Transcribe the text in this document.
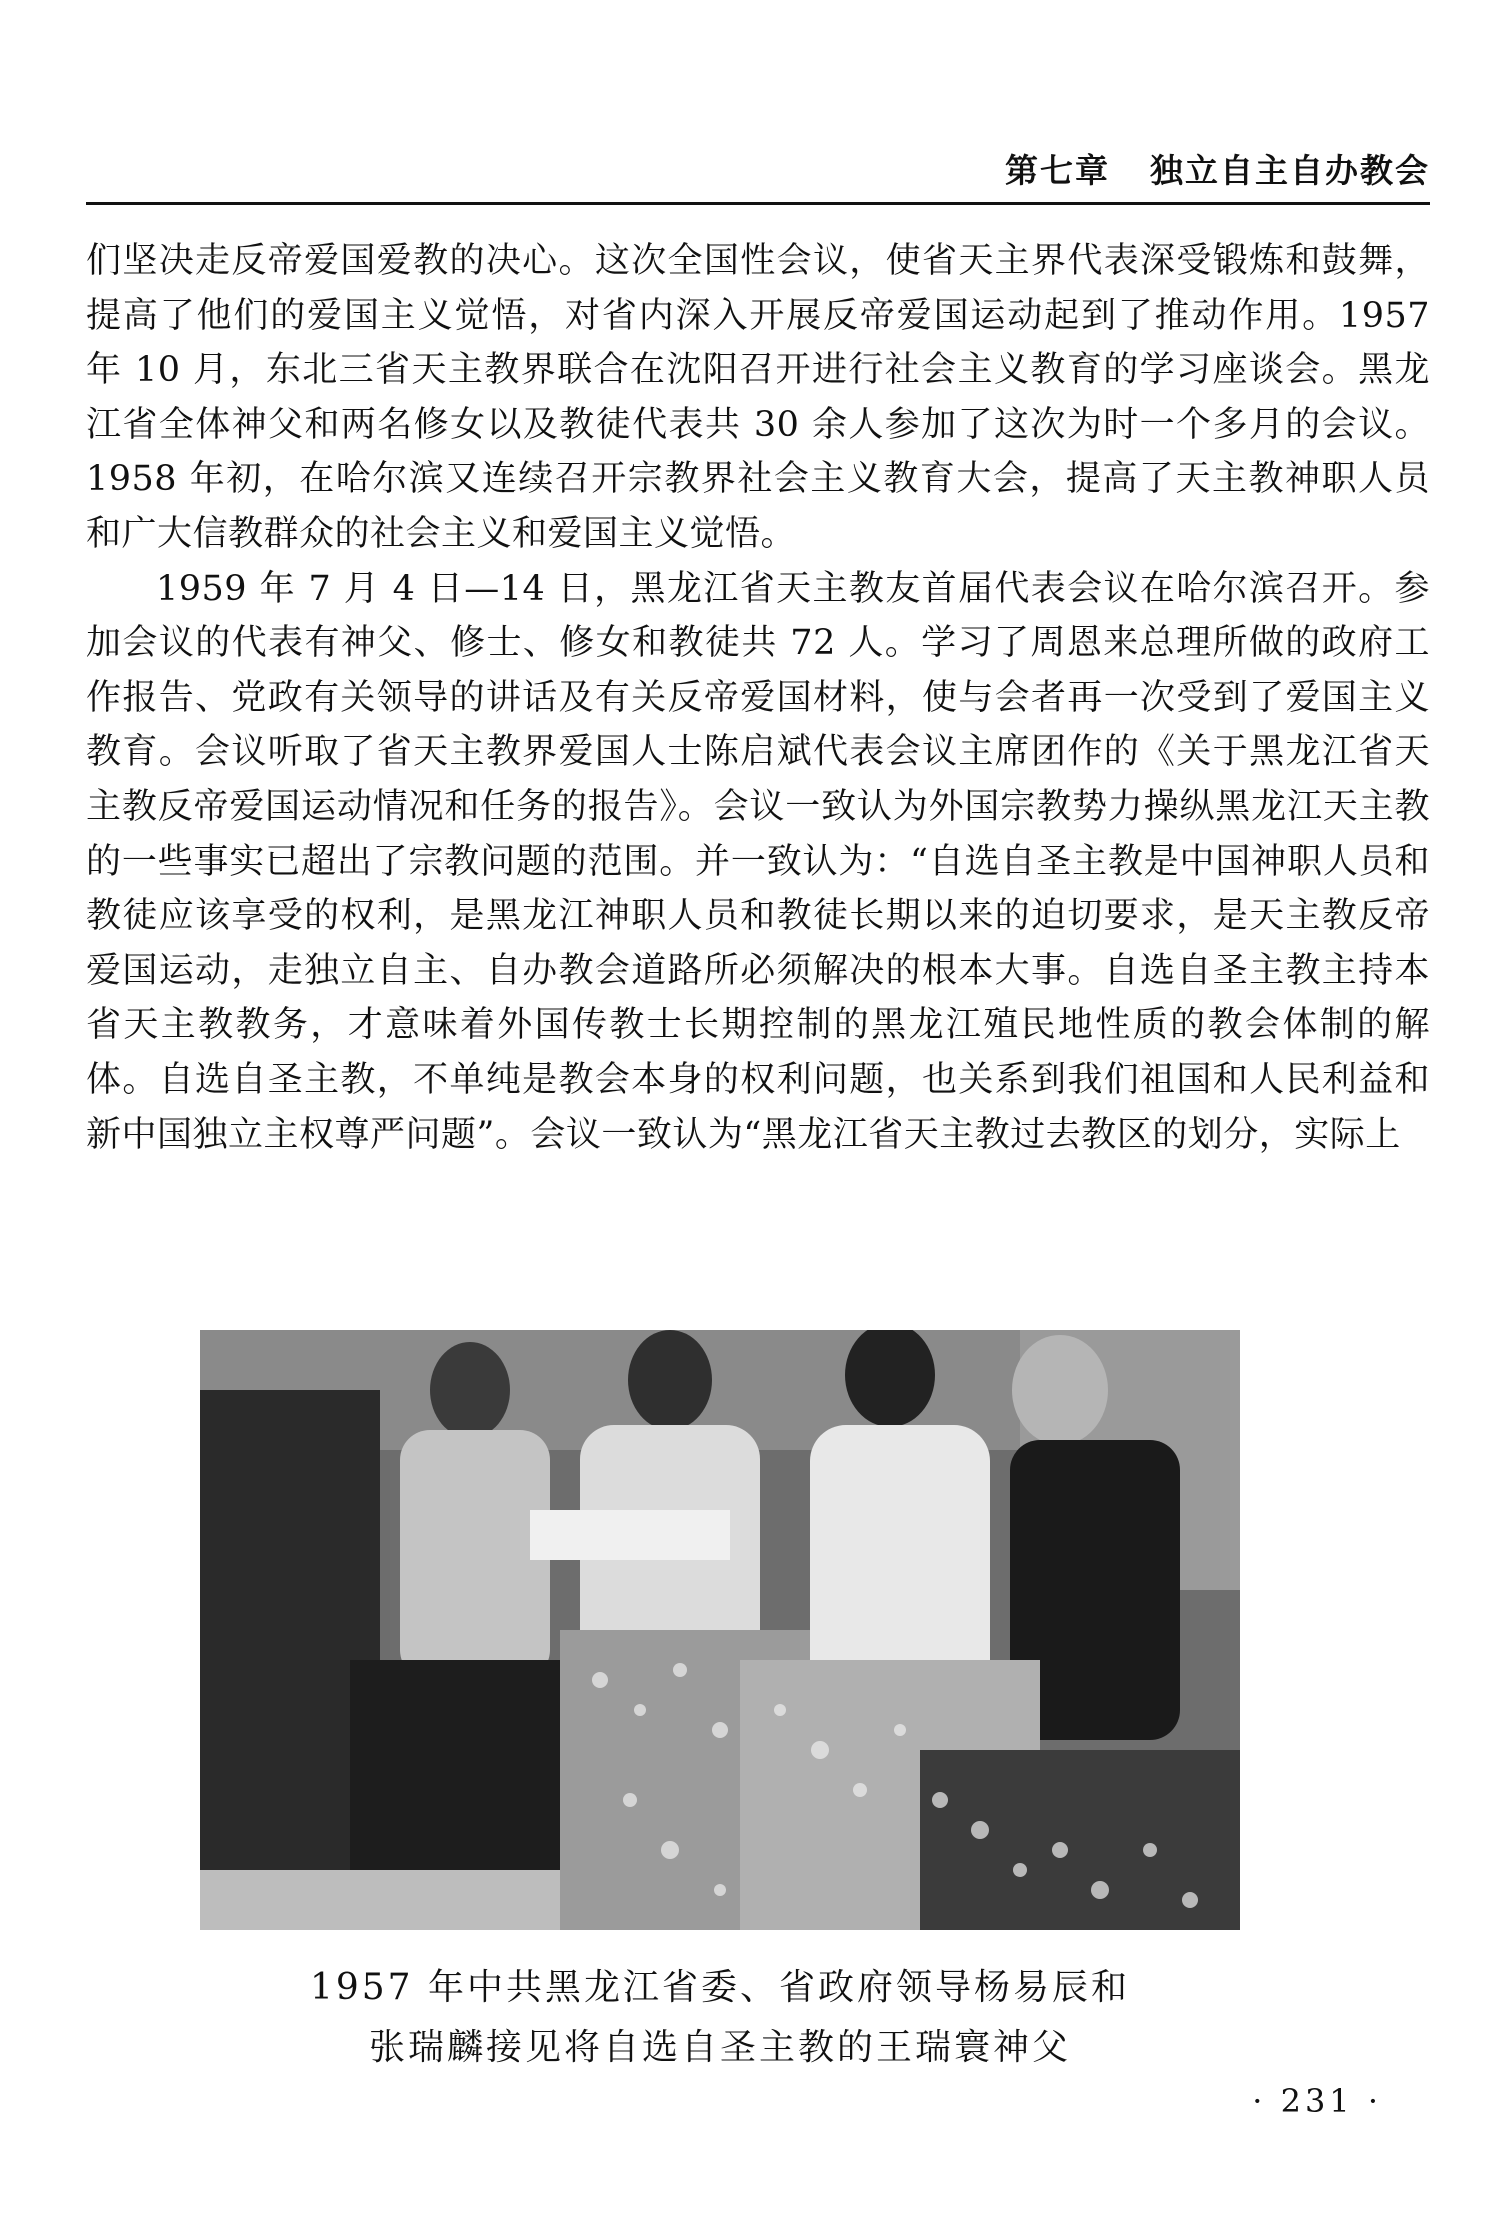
第七章 独立自主自办教会

们坚决走反帝爱国爱教的决心。这次全国性会议，使省天主界代表深受锻炼和鼓舞，提高了他们的爱国主义觉悟，对省内深入开展反帝爱国运动起到了推动作用。1957 年 10 月，东北三省天主教界联合在沈阳召开进行社会主义教育的学习座谈会。黑龙江省全体神父和两名修女以及教徒代表共 30 余人参加了这次为时一个多月的会议。1958 年初，在哈尔滨又连续召开宗教界社会主义教育大会，提高了天主教神职人员和广大信教群众的社会主义和爱国主义觉悟。

1959 年 7 月 4 日—14 日，黑龙江省天主教友首届代表会议在哈尔滨召开。参加会议的代表有神父、修士、修女和教徒共 72 人。学习了周恩来总理所做的政府工作报告、党政有关领导的讲话及有关反帝爱国材料，使与会者再一次受到了爱国主义教育。会议听取了省天主教界爱国人士陈启斌代表会议主席团作的《关于黑龙江省天主教反帝爱国运动情况和任务的报告》。会议一致认为外国宗教势力操纵黑龙江天主教的一些事实已超出了宗教问题的范围。并一致认为：“自选自圣主教是中国神职人员和教徒应该享受的权利，是黑龙江神职人员和教徒长期以来的迫切要求，是天主教反帝爱国运动，走独立自主、自办教会道路所必须解决的根本大事。自选自圣主教主持本省天主教教务，才意味着外国传教士长期控制的黑龙江殖民地性质的教会体制的解体。自选自圣主教，不单纯是教会本身的权利问题，也关系到我们祖国和人民利益和新中国独立主权尊严问题”。会议一致认为“黑龙江省天主教过去教区的划分，实际上

1957 年中共黑龙江省委、省政府领导杨易辰和
张瑞麟接见将自选自圣主教的王瑞寰神父
· 231 ·
